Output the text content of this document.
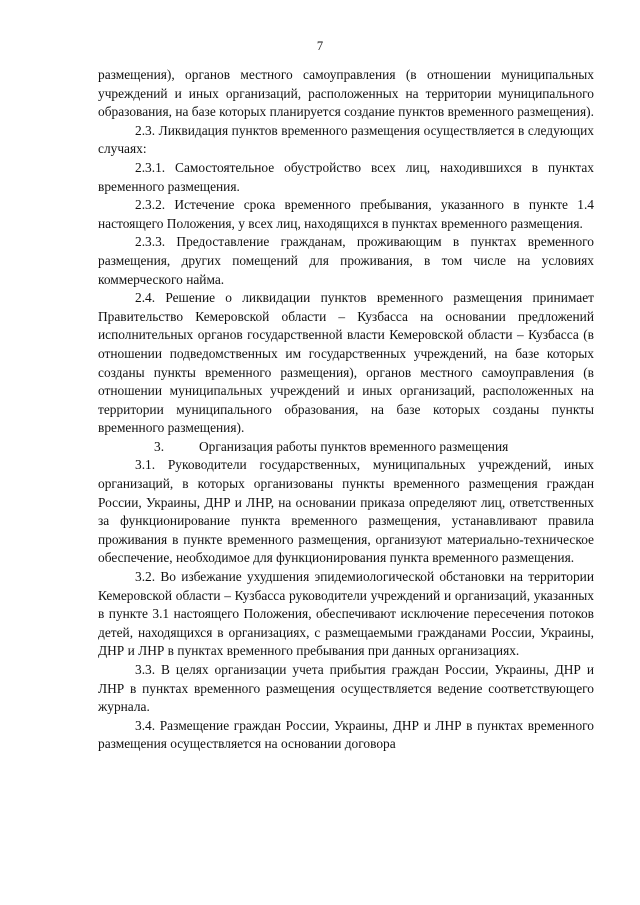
7

размещения), органов местного самоуправления (в отношении муниципальных учреждений и иных организаций, расположенных на территории муниципального образования, на базе которых планируется создание пунктов временного размещения).

2.3. Ликвидация пунктов временного размещения осуществляется в следующих случаях:

2.3.1. Самостоятельное обустройство всех лиц, находившихся в пунктах временного размещения.

2.3.2. Истечение срока временного пребывания, указанного в пункте 1.4 настоящего Положения, у всех лиц, находящихся в пунктах временного размещения.

2.3.3. Предоставление гражданам, проживающим в пунктах временного размещения, других помещений для проживания, в том числе на условиях коммерческого найма.

2.4. Решение о ликвидации пунктов временного размещения принимает Правительство Кемеровской области – Кузбасса на основании предложений исполнительных органов государственной власти Кемеровской области – Кузбасса (в отношении подведомственных им государственных учреждений, на базе которых созданы пункты временного размещения), органов местного самоуправления (в отношении муниципальных учреждений и иных организаций, расположенных на территории муниципального образования, на базе которых созданы пункты временного размещения).

3.	Организация работы пунктов временного размещения

3.1. Руководители государственных, муниципальных учреждений, иных организаций, в которых организованы пункты временного размещения граждан России, Украины, ДНР и ЛНР, на основании приказа определяют лиц, ответственных за функционирование пункта временного размещения, устанавливают правила проживания в пункте временного размещения, организуют материально-техническое обеспечение, необходимое для функционирования пункта временного размещения.

3.2. Во избежание ухудшения эпидемиологической обстановки на территории Кемеровской области – Кузбасса руководители учреждений и организаций, указанных в пункте 3.1 настоящего Положения, обеспечивают исключение пересечения потоков детей, находящихся в организациях, с размещаемыми гражданами России, Украины, ДНР и ЛНР в пунктах временного пребывания при данных организациях.

3.3. В целях организации учета прибытия граждан России, Украины, ДНР и ЛНР в пунктах временного размещения осуществляется ведение соответствующего журнала.

3.4. Размещение граждан России, Украины, ДНР и ЛНР в пунктах временного размещения осуществляется на основании договора
